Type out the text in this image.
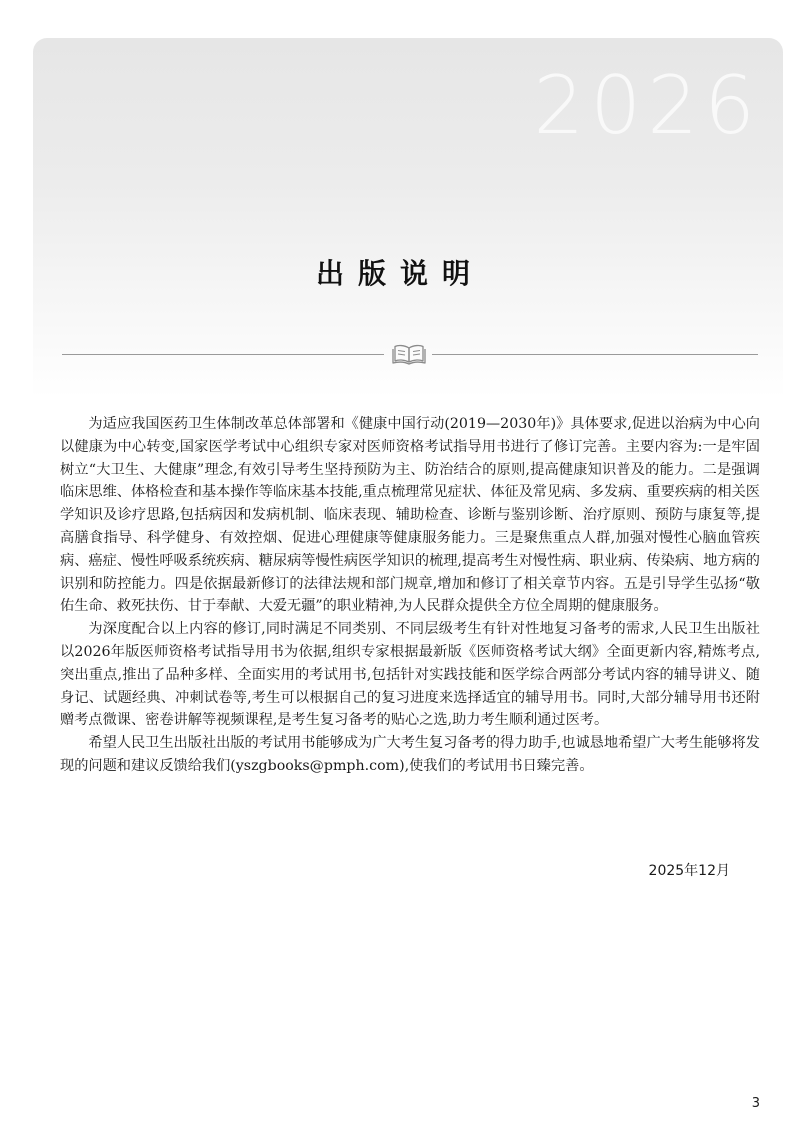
2026
出版说明

为适应我国医药卫生体制改革总体部署和《健康中国行动(2019—2030年)》具体要求,促进以治病为中心向以健康为中心转变,国家医学考试中心组织专家对医师资格考试指导用书进行了修订完善。主要内容为:一是牢固树立“大卫生、大健康”理念,有效引导考生坚持预防为主、防治结合的原则,提高健康知识普及的能力。二是强调临床思维、体格检查和基本操作等临床基本技能,重点梳理常见症状、体征及常见病、多发病、重要疾病的相关医学知识及诊疗思路,包括病因和发病机制、临床表现、辅助检查、诊断与鉴别诊断、治疗原则、预防与康复等,提高膳食指导、科学健身、有效控烟、促进心理健康等健康服务能力。三是聚焦重点人群,加强对慢性心脑血管疾病、癌症、慢性呼吸系统疾病、糖尿病等慢性病医学知识的梳理,提高考生对慢性病、职业病、传染病、地方病的识别和防控能力。四是依据最新修订的法律法规和部门规章,增加和修订了相关章节内容。五是引导学生弘扬“敬佑生命、救死扶伤、甘于奉献、大爱无疆”的职业精神,为人民群众提供全方位全周期的健康服务。

为深度配合以上内容的修订,同时满足不同类别、不同层级考生有针对性地复习备考的需求,人民卫生出版社以2026年版医师资格考试指导用书为依据,组织专家根据最新版《医师资格考试大纲》全面更新内容,精炼考点,突出重点,推出了品种多样、全面实用的考试用书,包括针对实践技能和医学综合两部分考试内容的辅导讲义、随身记、试题经典、冲刺试卷等,考生可以根据自己的复习进度来选择适宜的辅导用书。同时,大部分辅导用书还附赠考点微课、密卷讲解等视频课程,是考生复习备考的贴心之选,助力考生顺利通过医考。

希望人民卫生出版社出版的考试用书能够成为广大考生复习备考的得力助手,也诚恳地希望广大考生能够将发现的问题和建议反馈给我们(yszgbooks@pmph.com),使我们的考试用书日臻完善。

2025年12月
3
